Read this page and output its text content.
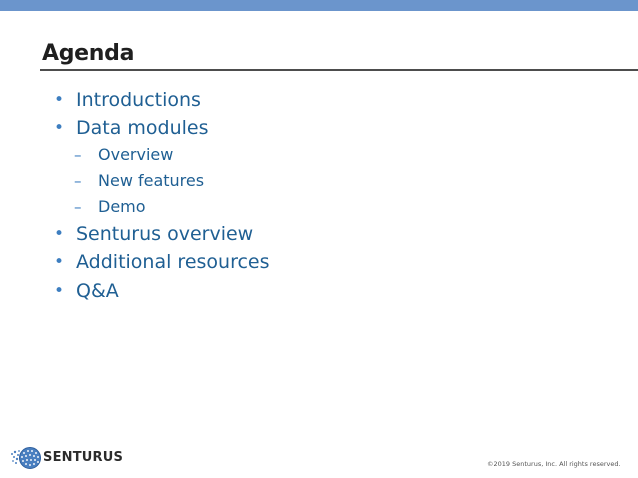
Agenda
• Introductions
• Data modules
– Overview
– New features
– Demo
• Senturus overview
• Additional resources
• Q&A
SENTURUS	©2019 Senturus, Inc. All rights reserved.
